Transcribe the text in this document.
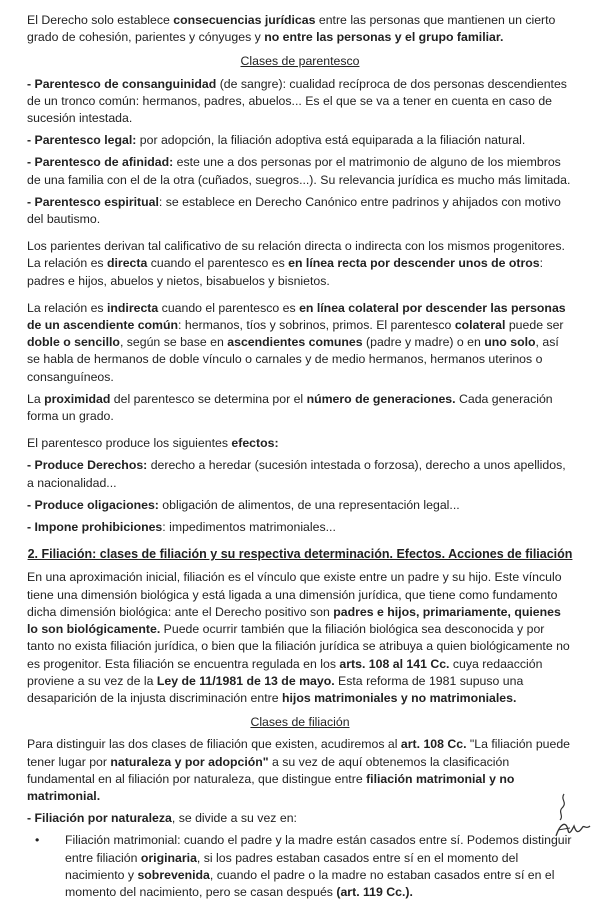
El Derecho solo establece consecuencias jurídicas entre las personas que mantienen un cierto grado de cohesión, parientes y cónyuges y no entre las personas y el grupo familiar.

Clases de parentesco

- Parentesco de consanguinidad (de sangre): cualidad recíproca de dos personas descendientes de un tronco común: hermanos, padres, abuelos... Es el que se va a tener en cuenta en caso de sucesión intestada.

- Parentesco legal: por adopción, la filiación adoptiva está equiparada a la filiación natural.

- Parentesco de afinidad: este une a dos personas por el matrimonio de alguno de los miembros de una familia con el de la otra (cuñados, suegros...). Su relevancia jurídica es mucho más limitada.

- Parentesco espiritual: se establece en Derecho Canónico entre padrinos y ahijados con motivo del bautismo.

Los parientes derivan tal calificativo de su relación directa o indirecta con los mismos progenitores.

La relación es directa cuando el parentesco es en línea recta por descender unos de otros: padres e hijos, abuelos y nietos, bisabuelos y bisnietos.

La relación es indirecta cuando el parentesco es en línea colateral por descender las personas de un ascendiente común: hermanos, tíos y sobrinos, primos. El parentesco colateral puede ser doble o sencillo, según se base en ascendientes comunes (padre y madre) o en uno solo, así se habla de hermanos de doble vínculo o carnales y de medio hermanos, hermanos uterinos o consanguíneos.

La proximidad del parentesco se determina por el número de generaciones. Cada generación forma un grado.

El parentesco produce los siguientes efectos:

- Produce Derechos: derecho a heredar (sucesión intestada o forzosa), derecho a unos apellidos, a nacionalidad...

- Produce oligaciones: obligación de alimentos, de una representación legal...

- Impone prohibiciones: impedimentos matrimoniales...

2. Filiación: clases de filiación y su respectiva determinación. Efectos. Acciones de filiación

En una aproximación inicial, filiación es el vínculo que existe entre un padre y su hijo. Este vínculo tiene una dimensión biológica y está ligada a una dimensión jurídica, que tiene como fundamento dicha dimensión biológica: ante el Derecho positivo son padres e hijos, primariamente, quienes lo son biológicamente. Puede ocurrir también que la filiación biológica sea desconocida y por tanto no exista filiación jurídica, o bien que la filiación jurídica se atribuya a quien biológicamente no es progenitor. Esta filiación se encuentra regulada en los arts. 108 al 141 Cc. cuya redaacción proviene a su vez de la Ley de 11/1981 de 13 de mayo. Esta reforma de 1981 supuso una desaparición de la injusta discriminación entre hijos matrimoniales y no matrimoniales.

Clases de filiación

Para distinguir las dos clases de filiación que existen, acudiremos al art. 108 Cc. "La filiación puede tener lugar por naturaleza y por adopción" a su vez de aquí obtenemos la clasificación fundamental en al filiación por naturaleza, que distingue entre filiación matrimonial y no matrimonial.

- Filiación por naturaleza, se divide a su vez en:

•	Filiación matrimonial: cuando el padre y la madre están casados entre sí. Podemos distinguir entre filiación originaria, si los padres estaban casados entre sí en el momento del nacimiento y sobrevenida, cuando el padre o la madre no estaban casados entre sí en el momento del nacimiento, pero se casan después (art. 119 Cc.).
